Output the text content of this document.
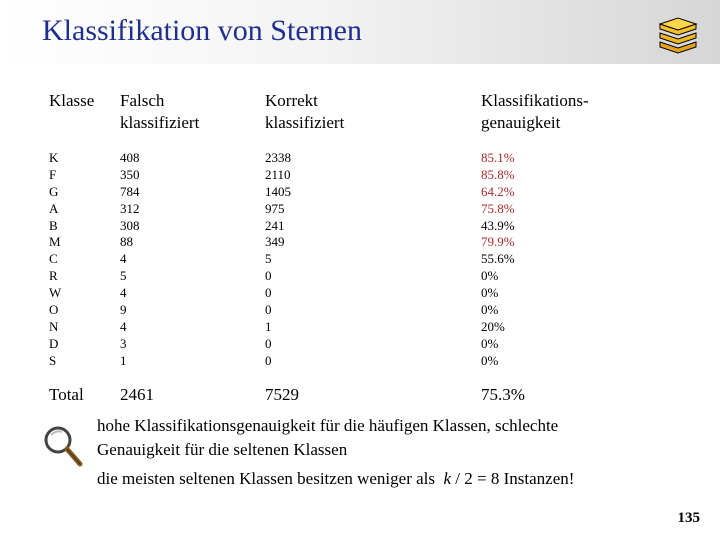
Klassifikation von Sternen
Klasse Falsch
klassifiziert
Korrekt
klassifiziert
Klassifikations-
genauigkeit
K
F
G
A
B
M
C
R
W
O
N
D
S
408
350
784
312
308
88
4
5
4
9
4
3
1
2338
2110
1405
975
241
349
5
0
0
0
1
0
0
85.1%
85.8%
64.2%
75.8%
43.9%
79.9%
55.6%
0%
0%
0%
20%
0%
0%
Total 2461	7529	75.3%
hohe Klassifikationsgenauigkeit für die häufigen Klassen, schlechte
Genauigkeit für die seltenen Klassen
die meisten seltenen Klassen besitzen weniger als k / 2 = 8 Instanzen!
135
